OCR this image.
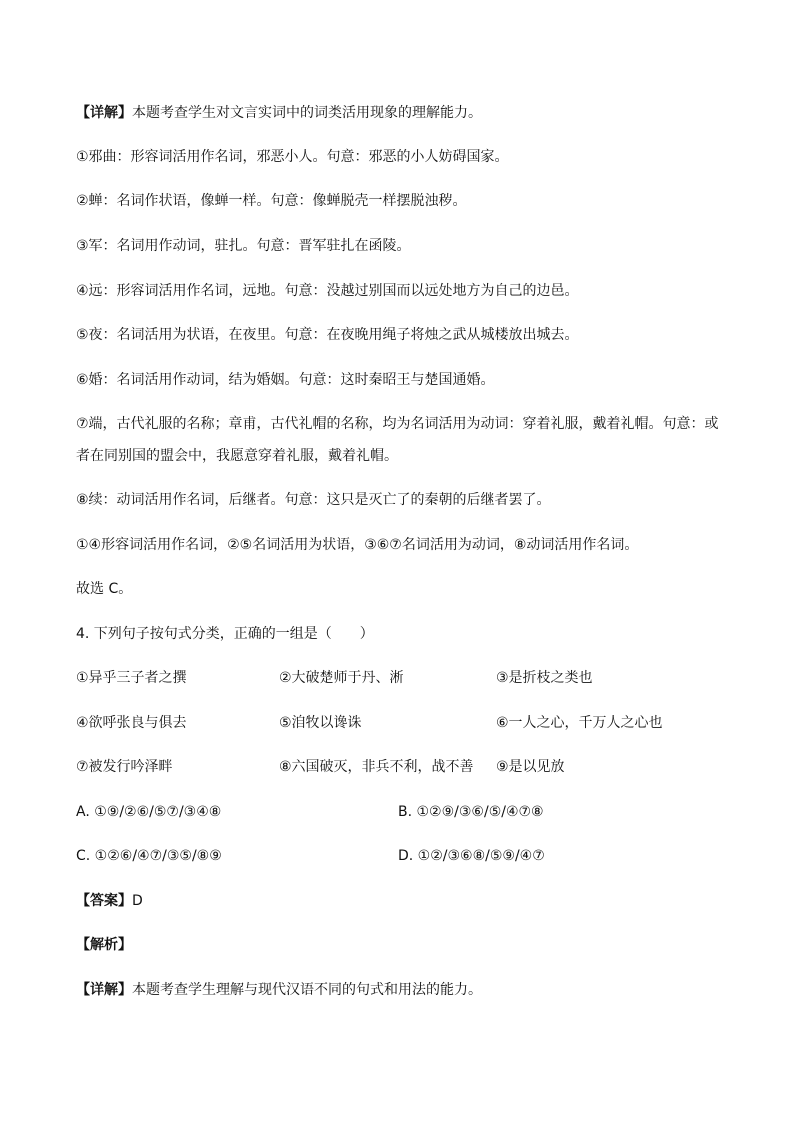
【详解】本题考查学生对文言实词中的词类活用现象的理解能力。
①邪曲：形容词活用作名词，邪恶小人。句意：邪恶的小人妨碍国家。
②蝉：名词作状语，像蝉一样。句意：像蝉脱壳一样摆脱浊秽。
③军：名词用作动词，驻扎。句意：晋军驻扎在函陵。
④远：形容词活用作名词，远地。句意：没越过别国而以远处地方为自己的边邑。
⑤夜：名词活用为状语，在夜里。句意：在夜晚用绳子将烛之武从城楼放出城去。
⑥婚：名词活用作动词，结为婚姻。句意：这时秦昭王与楚国通婚。
⑦端，古代礼服的名称；章甫，古代礼帽的名称，均为名词活用为动词：穿着礼服，戴着礼帽。句意：或者在同别国的盟会中，我愿意穿着礼服，戴着礼帽。
⑧续：动词活用作名词，后继者。句意：这只是灭亡了的秦朝的后继者罢了。
①④形容词活用作名词，②⑤名词活用为状语，③⑥⑦名词活用为动词，⑧动词活用作名词。
故选 C。
4. 下列句子按句式分类，正确的一组是（　　）
①异乎三子者之撰	②大破楚师于丹、淅	③是折枝之类也
④欲呼张良与俱去	⑤洎牧以谗诛	⑥一人之心，千万人之心也
⑦被发行吟泽畔	⑧六国破灭，非兵不利，战不善 ⑨是以见放
A. ①⑨/②⑥/⑤⑦/③④⑧	B. ①②⑨/③⑥/⑤/④⑦⑧
C. ①②⑥/④⑦/③⑤/⑧⑨	D. ①②/③⑥⑧/⑤⑨/④⑦
【答案】D
【解析】
【详解】本题考查学生理解与现代汉语不同的句式和用法的能力。
